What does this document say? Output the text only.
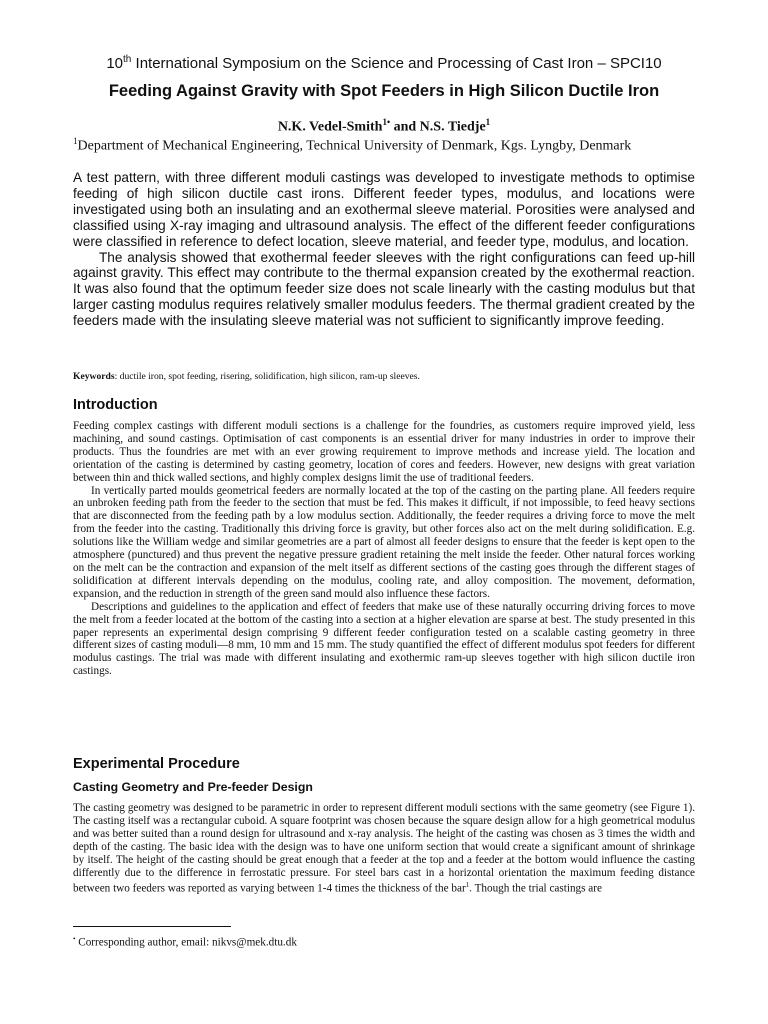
10th International Symposium on the Science and Processing of Cast Iron – SPCI10

Feeding Against Gravity with Spot Feeders in High Silicon Ductile Iron

N.K. Vedel-Smith$^{1•}$ and N.S. Tiedje$^1$

$^1$Department of Mechanical Engineering, Technical University of Denmark, Kgs. Lyngby, Denmark

A test pattern, with three different moduli castings was developed to investigate methods to optimise feeding of high silicon ductile cast irons. Different feeder types, modulus, and locations were investigated using both an insulating and an exothermal sleeve material. Porosities were analysed and classified using X-ray imaging and ultrasound analysis. The effect of the different feeder configurations were classified in reference to defect location, sleeve material, and feeder type, modulus, and location.

The analysis showed that exothermal feeder sleeves with the right configurations can feed up-hill against gravity. This effect may contribute to the thermal expansion created by the exothermal reaction. It was also found that the optimum feeder size does not scale linearly with the casting modulus but that larger casting modulus requires relatively smaller modulus feeders. The thermal gradient created by the feeders made with the insulating sleeve material was not sufficient to significantly improve feeding.

Keywords: ductile iron, spot feeding, risering, solidification, high silicon, ram-up sleeves.

Introduction

Feeding complex castings with different moduli sections is a challenge for the foundries, as customers require improved yield, less machining, and sound castings. Optimisation of cast components is an essential driver for many industries in order to improve their products. Thus the foundries are met with an ever growing requirement to improve methods and increase yield. The location and orientation of the casting is determined by casting geometry, location of cores and feeders. However, new designs with great variation between thin and thick walled sections, and highly complex designs limit the use of traditional feeders.

In vertically parted moulds geometrical feeders are normally located at the top of the casting on the parting plane. All feeders require an unbroken feeding path from the feeder to the section that must be fed. This makes it difficult, if not impossible, to feed heavy sections that are disconnected from the feeding path by a low modulus section. Additionally, the feeder requires a driving force to move the melt from the feeder into the casting. Traditionally this driving force is gravity, but other forces also act on the melt during solidification. E.g. solutions like the William wedge and similar geometries are a part of almost all feeder designs to ensure that the feeder is kept open to the atmosphere (punctured) and thus prevent the negative pressure gradient retaining the melt inside the feeder. Other natural forces working on the melt can be the contraction and expansion of the melt itself as different sections of the casting goes through the different stages of solidification at different intervals depending on the modulus, cooling rate, and alloy composition. The movement, deformation, expansion, and the reduction in strength of the green sand mould also influence these factors.

Descriptions and guidelines to the application and effect of feeders that make use of these naturally occurring driving forces to move the melt from a feeder located at the bottom of the casting into a section at a higher elevation are sparse at best. The study presented in this paper represents an experimental design comprising 9 different feeder configuration tested on a scalable casting geometry in three different sizes of casting moduli—8 mm, 10 mm and 15 mm. The study quantified the effect of different modulus spot feeders for different modulus castings. The trial was made with different insulating and exothermic ram-up sleeves together with high silicon ductile iron castings.

Experimental Procedure
Casting Geometry and Pre-feeder Design

The casting geometry was designed to be parametric in order to represent different moduli sections with the same geometry (see Figure 1). The casting itself was a rectangular cuboid. A square footprint was chosen because the square design allow for a high geometrical modulus and was better suited than a round design for ultrasound and x-ray analysis. The height of the casting was chosen as 3 times the width and depth of the casting. The basic idea with the design was to have one uniform section that would create a significant amount of shrinkage by itself. The height of the casting should be great enough that a feeder at the top and a feeder at the bottom would influence the casting differently due to the difference in ferrostatic pressure. For steel bars cast in a horizontal orientation the maximum feeding distance between two feeders was reported as varying between 1-4 times the thickness of the bar$^1$. Though the trial castings are

• Corresponding author, email: nikvs@mek.dtu.dk
